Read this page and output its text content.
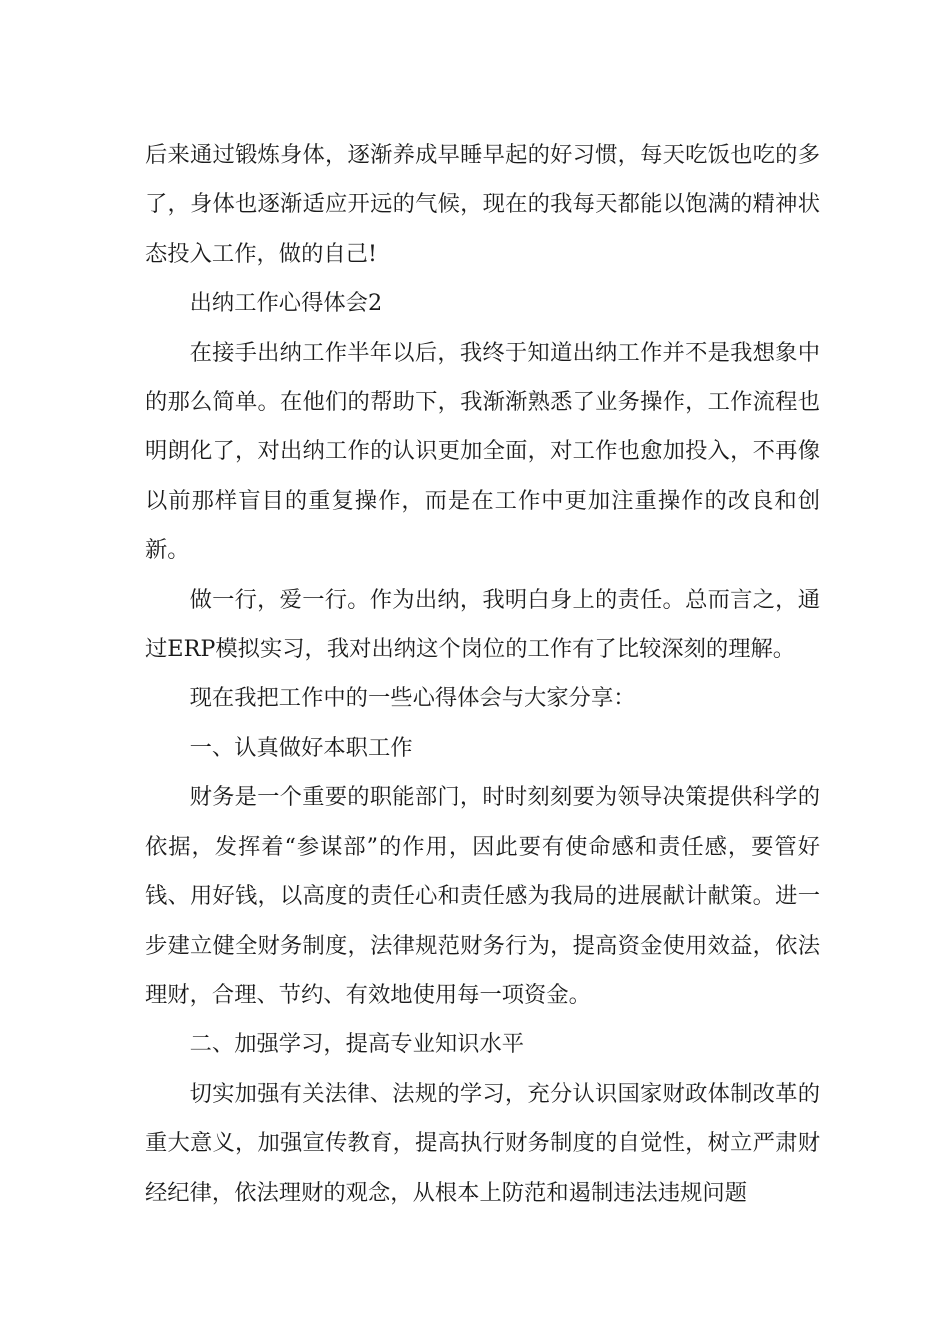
后来通过锻炼身体，逐渐养成早睡早起的好习惯，每天吃饭也吃的多了，身体也逐渐适应开远的气候，现在的我每天都能以饱满的精神状态投入工作，做的自己!

出纳工作心得体会2

在接手出纳工作半年以后，我终于知道出纳工作并不是我想象中的那么简单。在他们的帮助下，我渐渐熟悉了业务操作，工作流程也明朗化了，对出纳工作的认识更加全面，对工作也愈加投入，不再像以前那样盲目的重复操作，而是在工作中更加注重操作的改良和创新。

做一行，爱一行。作为出纳，我明白身上的责任。总而言之，通过ERP模拟实习，我对出纳这个岗位的工作有了比较深刻的理解。

现在我把工作中的一些心得体会与大家分享：

一、认真做好本职工作

财务是一个重要的职能部门，时时刻刻要为领导决策提供科学的依据，发挥着“参谋部”的作用，因此要有使命感和责任感，要管好钱、用好钱，以高度的责任心和责任感为我局的进展献计献策。进一步建立健全财务制度，法律规范财务行为，提高资金使用效益，依法理财，合理、节约、有效地使用每一项资金。

二、加强学习，提高专业知识水平

切实加强有关法律、法规的学习，充分认识国家财政体制改革的重大意义，加强宣传教育，提高执行财务制度的自觉性，树立严肃财经纪律，依法理财的观念，从根本上防范和遏制违法违规问题
